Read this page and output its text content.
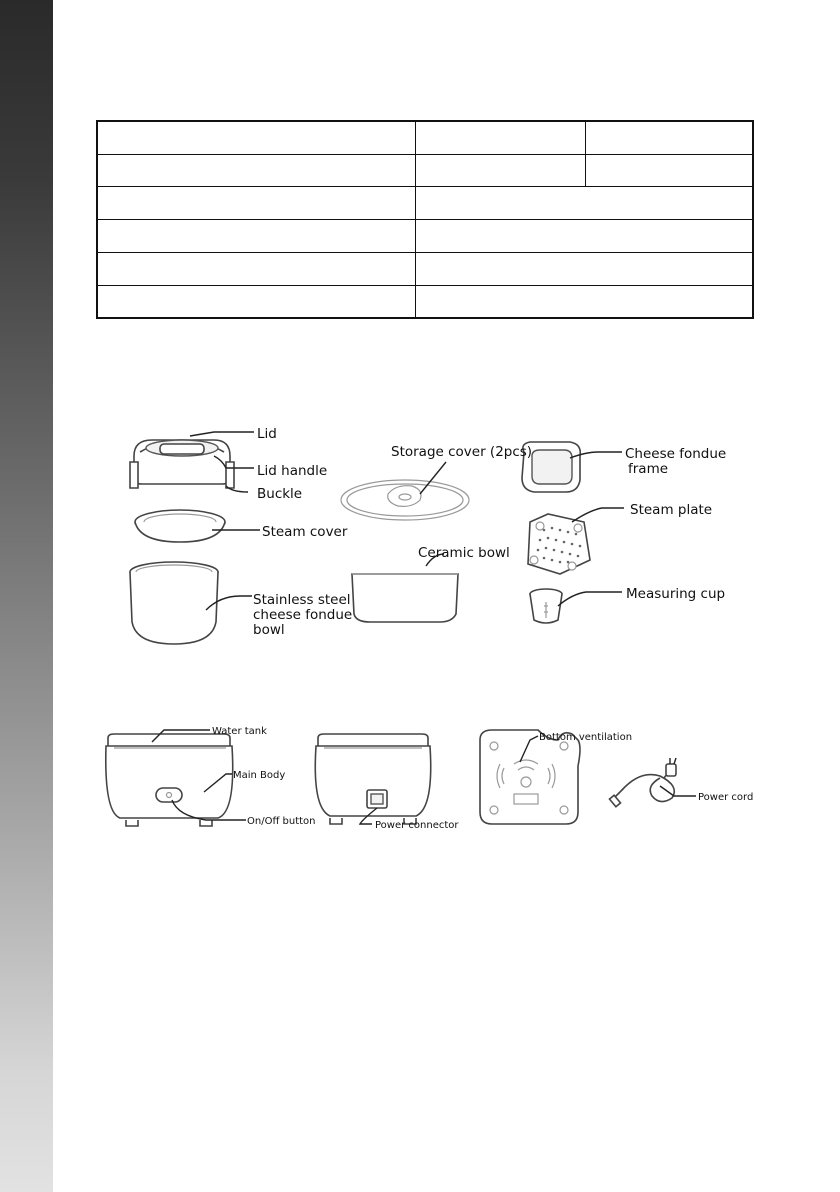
Lid
Lid handle
Buckle
Steam cover
Stainless steel
cheese fondue
bowl
Storage cover (2pcs)
Ceramic bowl
Cheese fondue
frame
Steam plate
Measuring cup
Water tank
Main Body
On/Off button	Power connector
Bottom ventilation
Power cord
